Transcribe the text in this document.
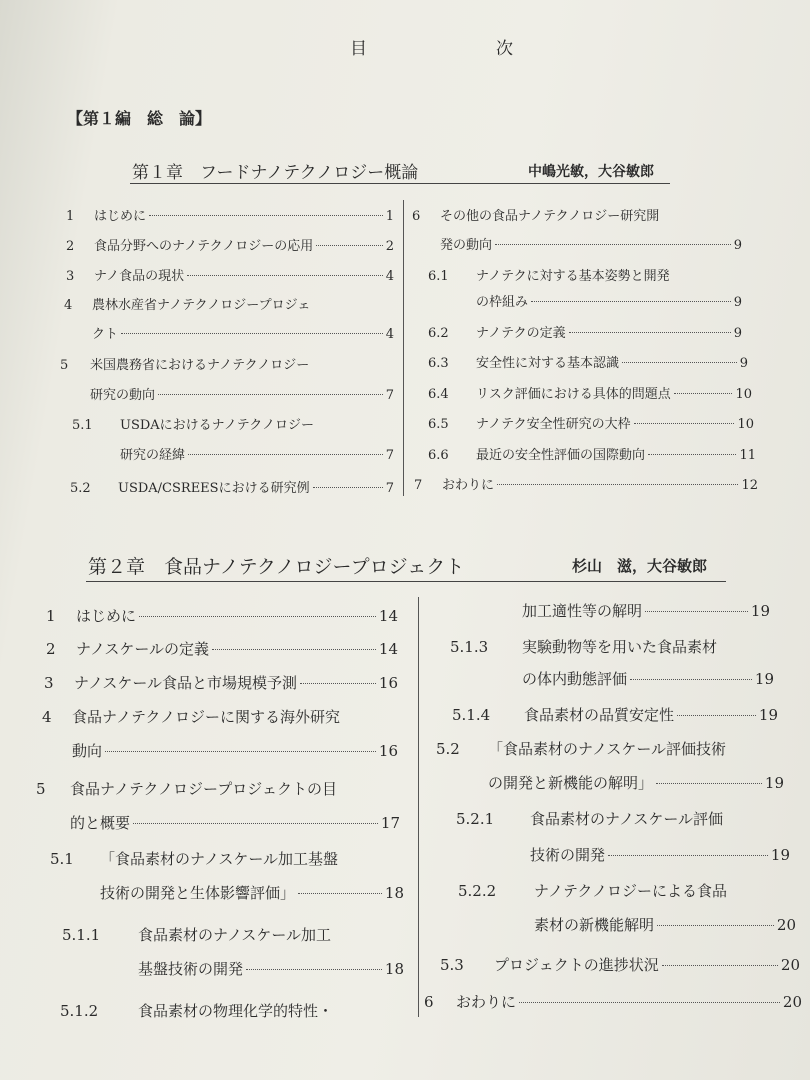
目　次
【第１編　総　論】
第１章　フードナノテクノロジー概論	中嶋光敏，大谷敏郎
1	はじめに	1
2	食品分野へのナノテクノロジーの応用	2
3	ナノ食品の現状	4
4	農林水産省ナノテクノロジープロジェ
クト	4
5	米国農務省におけるナノテクノロジー
研究の動向	7
5.1	USDAにおけるナノテクノロジー
研究の経緯	7
5.2	USDA/CSREESにおける研究例	7
6	その他の食品ナノテクノロジー研究開
発の動向	9
6.1	ナノテクに対する基本姿勢と開発
の枠組み	9
6.2	ナノテクの定義	9
6.3	安全性に対する基本認識	9
6.4	リスク評価における具体的問題点	10
6.5	ナノテク安全性研究の大枠	10
6.6	最近の安全性評価の国際動向	11
7	おわりに	12
第２章　食品ナノテクノロジープロジェクト	杉山　滋，大谷敏郎
1	はじめに	14
2	ナノスケールの定義	14
3	ナノスケール食品と市場規模予測	16
4	食品ナノテクノロジーに関する海外研究
動向	16
5	食品ナノテクノロジープロジェクトの目
的と概要	17
5.1	「食品素材のナノスケール加工基盤
技術の開発と生体影響評価」	18
5.1.1	食品素材のナノスケール加工
基盤技術の開発	18
5.1.2	食品素材の物理化学的特性・
加工適性等の解明	19
5.1.3	実験動物等を用いた食品素材
の体内動態評価	19
5.1.4	食品素材の品質安定性	19
5.2	「食品素材のナノスケール評価技術
の開発と新機能の解明」	19
5.2.1	食品素材のナノスケール評価
技術の開発	19
5.2.2	ナノテクノロジーによる食品
素材の新機能解明	20
5.3	プロジェクトの進捗状況	20
6	おわりに	20
